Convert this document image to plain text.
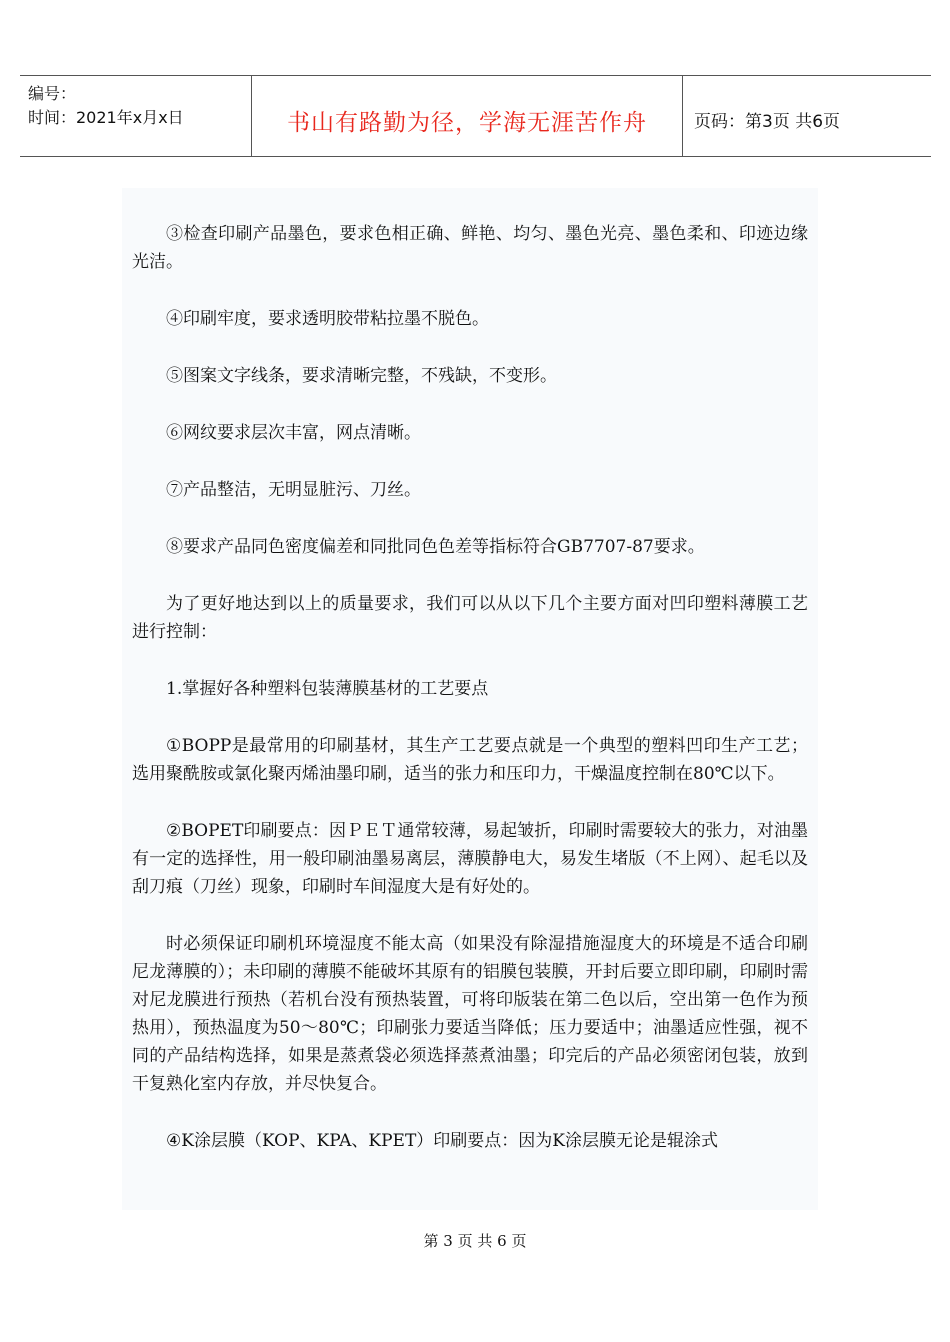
编号：
时间：2021年x月x日	书山有路勤为径，学海无涯苦作舟	页码：第3页 共6页

③检查印刷产品墨色，要求色相正确、鲜艳、均匀、墨色光亮、墨色柔和、印迹边缘光洁。

④印刷牢度，要求透明胶带粘拉墨不脱色。

⑤图案文字线条，要求清晰完整，不残缺，不变形。

⑥网纹要求层次丰富，网点清晰。

⑦产品整洁，无明显脏污、刀丝。

⑧要求产品同色密度偏差和同批同色色差等指标符合GB7707-87要求。

为了更好地达到以上的质量要求，我们可以从以下几个主要方面对凹印塑料薄膜工艺进行控制：

1.掌握好各种塑料包装薄膜基材的工艺要点

①BOPP是最常用的印刷基材，其生产工艺要点就是一个典型的塑料凹印生产工艺；选用聚酰胺或氯化聚丙烯油墨印刷，适当的张力和压印力，干燥温度控制在80℃以下。

②BOPET印刷要点：因ＰＥＴ通常较薄，易起皱折，印刷时需要较大的张力，对油墨有一定的选择性，用一般印刷油墨易离层，薄膜静电大，易发生堵版（不上网）、起毛以及刮刀痕（刀丝）现象，印刷时车间湿度大是有好处的。

时必须保证印刷机环境湿度不能太高（如果没有除湿措施湿度大的环境是不适合印刷尼龙薄膜的）；未印刷的薄膜不能破坏其原有的铝膜包装膜，开封后要立即印刷，印刷时需对尼龙膜进行预热（若机台没有预热装置，可将印版装在第二色以后，空出第一色作为预热用），预热温度为50～80℃；印刷张力要适当降低；压力要适中；油墨适应性强，视不同的产品结构选择，如果是蒸煮袋必须选择蒸煮油墨；印完后的产品必须密闭包装，放到干复熟化室内存放，并尽快复合。

④K涂层膜（KOP、KPA、KPET）印刷要点：因为K涂层膜无论是辊涂式

第 3 页 共 6 页
